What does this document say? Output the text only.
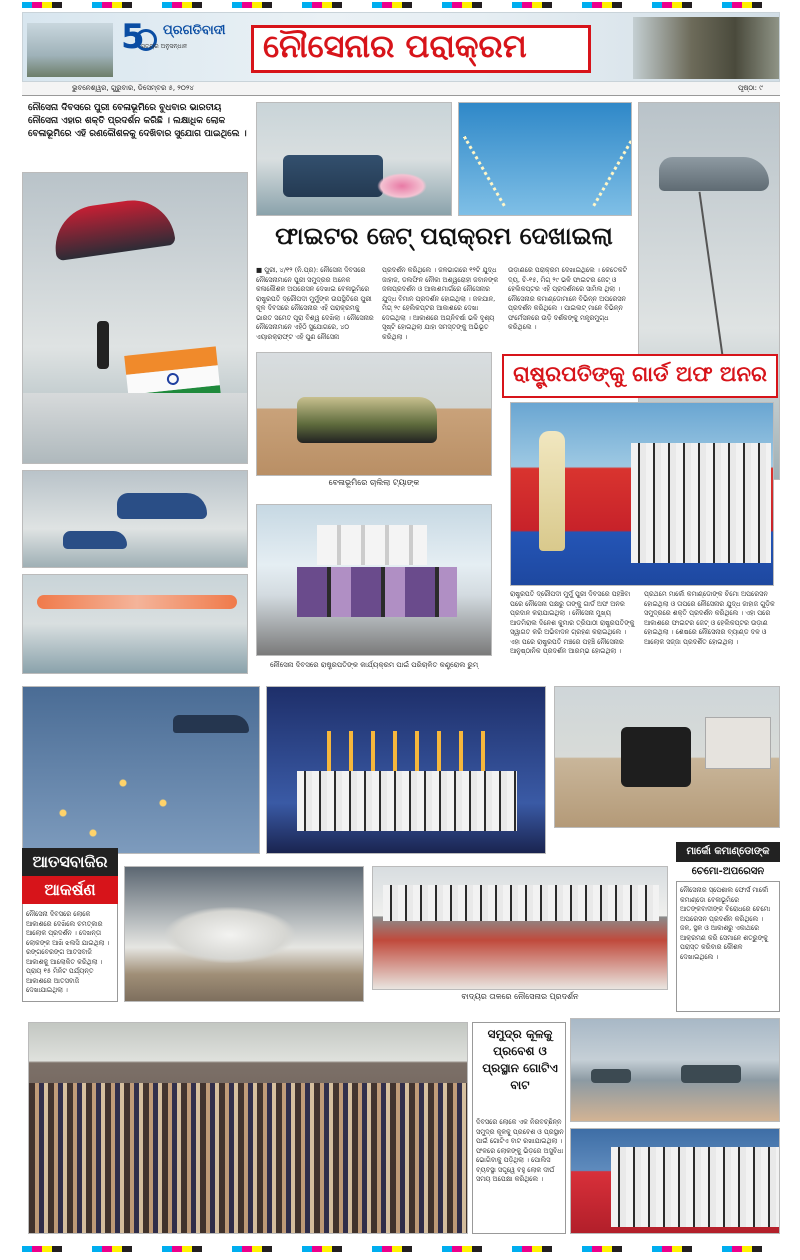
5 ପ୍ରଗତିବାଦୀ
ସତ୍ୟର ଅନୁସନ୍ଧାନ ନୌସେନାର ପରାକ୍ରମ
ଭୁବନେଶ୍ୱର, ଗୁରୁବାର, ଡିସେମ୍ବର ୫, ୨୦୨୪	ପୃଷ୍ଠା: ୯
ନୌସେନା ଦିବସରେ ପୁରୀ ବେଳାଭୂମିରେ ବୁଧବାର ଭାରତୀୟ ନୌସେନା ଏହାର ଶକ୍ତି ପ୍ରଦର୍ଶନ କରିଛି । ଲକ୍ଷାଧିକ ଲୋକ ବେଳାଭୂମିରେ ଏହି ରଣକୌଶଳକୁ ଦେଖିବାର ସୁଯୋଗ ପାଇଥିଲେ ।
ଫାଇଟର ଜେଟ୍ ପରାକ୍ରମ ଦେଖାଇଲା
■ ପୁରୀ, ୪/୧୨ (ନି.ପ୍ର): ନୌସେନା ଦିବସରେ ନୌସେନାମାନେ ପୁରୀ ସମୁଦ୍ରର ଅନେକ କଳାକୌଶଳ ଅପରେସନ ଦେଖାଇ ବେଳାଭୂମିରେ ରାଷ୍ଟ୍ରପତି ଦ୍ରୌପଦୀ ମୁର୍ମୁଙ୍କ ଉପସ୍ଥିତିରେ ପୁରୀ କୂଳ ଦିବସରେ ନୌସେନାର ଏହି ପରାକ୍ରମକୁ ଭାରତ ସମେତ ପୂରା ବିଶ୍ୱ ଦେଖିଲା । ନୌସେନାର ନୌସେନାମାନେ ଏହିଠି ସୁଯୋଗରେ, ୪୦ ଏୟାରକ୍ରାଫ୍ଟ ଏହି ପୁଣ ନୌସେନା
ପ୍ରଦର୍ଶନ କରିଥିଲେ । ଜଳଭାଗରେ ୧୨ଟି ଯୁଦ୍ଧ ଜାହାଜ, ଡଲଫିନ ନୌକା ଅଶ୍ୱରୋହୀ ଜବାନଙ୍କ ଜଳାପ୍ରଦର୍ଶନ ଓ ଆକାଶମାର୍ଗରେ ନୌସେନାର ଯୁଦ୍ଧ ବିମାନ ପ୍ରଦର୍ଶନ ହୋଇଥିଲା । ଜଳଯାନ, ମିଗ୍ ୨୯ ହେଲିକପ୍ଟର ଆକାଶରେ ଦେଖା ଦେଇଥିଲା । ଆକାଶରେ ଅଗ୍ନିବର୍ଷା ଭଳି ଦୃଶ୍ୟ ସୃଷ୍ଟି ହୋଇଥିଲା ଯାହା ସମସ୍ତଙ୍କୁ ଅଭିଭୂତ କରିଥିଲା ।
ଉଡ଼ାଣରେ ପରାକ୍ରମ ଦେଖାଇଥିଲେ । କେତେକଟି ଦ୍ୟ, ଚି-୧୫, ମିଗ୍ ୨୯ ଭଳି ଫାଇଟର ଜେଟ୍ ଓ ହେଲିକପ୍ଟର ଏହି ପ୍ରଦର୍ଶନରେ ସାମିଲ ଥିଲା । ନୌସେନାର କମାଣ୍ଡୋମାନେ ବିଭିନ୍ନ ଅପରେସନ ପ୍ରଦର୍ଶନ କରିଥିଲେ । ପାଇଲଟ୍ ମାନେ ବିଭିନ୍ନ ଫର୍ମେସନରେ ଉଡ଼ି ଦର୍ଶକଙ୍କୁ ମନ୍ତ୍ରମୁଗ୍ଧ କରିଥିଲେ ।
ବେଳାଭୂମିରେ ଚାଲିଲା ଟ୍ୟାଙ୍କ
ରାଷ୍ଟ୍ରପତିଙ୍କୁ ଗାର୍ଡ ଅଫ ଅନର
ରାଷ୍ଟ୍ରପତି ଦ୍ରୌପଦୀ ମୁର୍ମୁ ପୁରୀ ଦିବସରେ ପହଞ୍ଚିବା ପରେ ନୌସେନା ପକ୍ଷରୁ ତାଙ୍କୁ ଗାର୍ଡ ଅଫ ଅନର ପ୍ରଦାନ କରାଯାଇଥିଲା । ନୌସେନା ମୁଖ୍ୟ ଆଡମିରାଲ ଦିନେଶ କୁମାର ତ୍ରିପାଠୀ ରାଷ୍ଟ୍ରପତିଙ୍କୁ ସ୍ୱାଗତ କରି ଅଭିବାଦନ ଗ୍ରହଣ କରାଇଥିଲେ । ଏହା ପରେ ରାଷ୍ଟ୍ରପତି ମଞ୍ଚରେ ପହଞ୍ଚି ନୌସେନାର ଆନୁଷ୍ଠାନିକ ପ୍ରଦର୍ଶନ ଆରମ୍ଭ ହୋଇଥିଲା ।
ପ୍ରଥମେ ମାର୍କୋ କମାଣ୍ଡୋଙ୍କ ଚିମୋ ଅପରେସନ ହୋଇଥିଲା ଓ ତାପରେ ନୌସେନାର ଯୁଦ୍ଧ ଜାହାଜ ଗୁଡ଼ିକ ସମୁଦ୍ରରେ ଶକ୍ତି ପ୍ରଦର୍ଶନ କରିଥିଲେ । ଏହା ପରେ ଆକାଶରେ ଫାଇଟର ଜେଟ୍ ଓ ହେଲିକପ୍ଟର ଉଡ଼ାଣ ହୋଇଥିଲା । ଶେଷରେ ନୌସେନାର ବ୍ୟାଣ୍ଡ ଦଳ ଓ ଆଲୋକ ସଜ୍ଜା ପ୍ରଦର୍ଶିତ ହୋଇଥିଲା ।
ନୌସେନା ଦିବସରେ ରାଷ୍ଟ୍ରପତିଙ୍କ କାର୍ଯ୍ୟକ୍ରମ ପାଇଁ ପରିଚାଳିତ କଣ୍ଟ୍ରୋଲ ରୁମ୍
ଆତସବାଜିର
ଆକର୍ଷଣ
ନୌସେନା ଦିବସରେ ଲୋକେ ଆକାଶରେ ଦେଖିଲେ ଚମତ୍କାର ଆଲୋକ ପ୍ରଦର୍ଶନ । ଦେଖନ୍ତା ଲୋକଙ୍କ ଆଖି ଝଲସି ଯାଇଥିଲା । ରଙ୍ଗବେରଙ୍ଗ ଆତସବାଜି ଆକାଶକୁ ଆଲୋକିତ କରିଥିଲା । ପ୍ରାୟ ୧୫ ମିନିଟ ପର୍ଯ୍ୟନ୍ତ ଆକାଶରେ ଆତସବାଜି ଦେଖାଯାଇଥିଲା ।
ବାଦ୍ୟର ତାଳରେ ନୌସେନାର ପ୍ରଦର୍ଶନ
ମାର୍କୋ କମାଣ୍ଡୋଙ୍କ
ଚେମୋ-ଅପରେସନ
ନୌସେନାର ସ୍ପେଶାଲ ଫୋର୍ସ ମାର୍କୋ କମାଣ୍ଡୋ ବେଳାଭୂମିରେ ଆତଙ୍କବାଦୀଙ୍କ ବିରୋଧରେ ଚେମୋ ଅପରେସନ ପ୍ରଦର୍ଶନ କରିଥିଲେ । ଜଳ, ସ୍ଥଳ ଓ ଆକାଶରୁ ଏକାଥରେ ଆକ୍ରମଣ କରି ସେମାନେ ଶତ୍ରୁଙ୍କୁ ପରାସ୍ତ କରିବାର କୌଶଳ ଦେଖାଇଥିଲେ ।
ସମୁଦ୍ର କୂଳକୁ ପ୍ରବେଶ ଓ ପ୍ରସ୍ଥାନ ଗୋଟିଏ ବାଟ
ଦିବସରେ ଲୋକେ ଏକ ନିରବଚ୍ଛିନ୍ନ ସମୁଦ୍ର କୂଳକୁ ପ୍ରବେଶ ଓ ପ୍ରସ୍ଥାନ ପାଇଁ ଗୋଟିଏ ବାଟ ରଖାଯାଇଥିଲା । ଫଳରେ ଲୋକଙ୍କୁ ଭିଡ଼ରେ ଅସୁବିଧା ଭୋଗିବାକୁ ପଡ଼ିଥିଲା । ପୋଲିସ ବ୍ୟବସ୍ଥା ସତ୍ତ୍ୱେ ବହୁ ଲୋକ ଦୀର୍ଘ ସମୟ ଅପେକ୍ଷା କରିଥିଲେ ।
